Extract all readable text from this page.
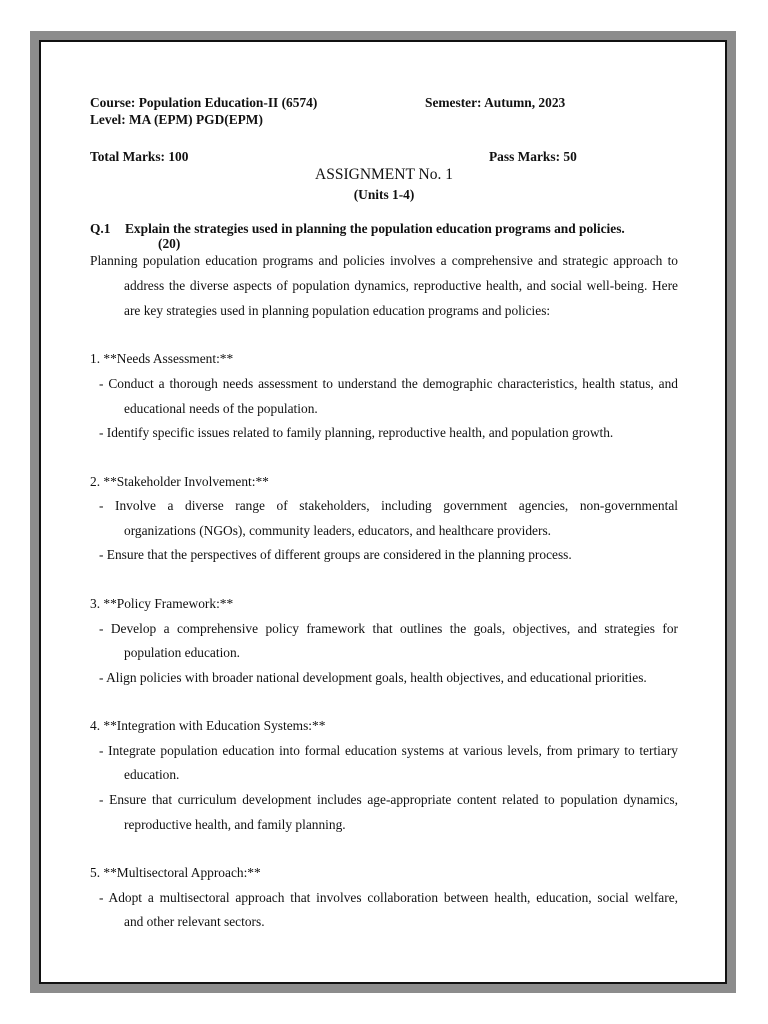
Course: Population Education-II (6574)	Semester: Autumn, 2023
Level: MA (EPM) PGD(EPM)
Total Marks: 100	Pass Marks: 50
ASSIGNMENT No. 1
(Units 1-4)
Q.1 Explain the strategies used in planning the population education programs and policies.
(20)
Planning population education programs and policies involves a comprehensive and strategic approach to
address the diverse aspects of population dynamics, reproductive health, and social well-being. Here
are key strategies used in planning population education programs and policies:
1. **Needs Assessment:**
- Conduct a thorough needs assessment to understand the demographic characteristics, health status, and
educational needs of the population.
- Identify specific issues related to family planning, reproductive health, and population growth.
2. **Stakeholder Involvement:**
- Involve a diverse range of stakeholders, including government agencies, non-governmental
organizations (NGOs), community leaders, educators, and healthcare providers.
- Ensure that the perspectives of different groups are considered in the planning process.
3. **Policy Framework:**
- Develop a comprehensive policy framework that outlines the goals, objectives, and strategies for
population education.
- Align policies with broader national development goals, health objectives, and educational priorities.
4. **Integration with Education Systems:**
- Integrate population education into formal education systems at various levels, from primary to tertiary
education.
- Ensure that curriculum development includes age-appropriate content related to population dynamics,
reproductive health, and family planning.
5. **Multisectoral Approach:**
- Adopt a multisectoral approach that involves collaboration between health, education, social welfare,
and other relevant sectors.
